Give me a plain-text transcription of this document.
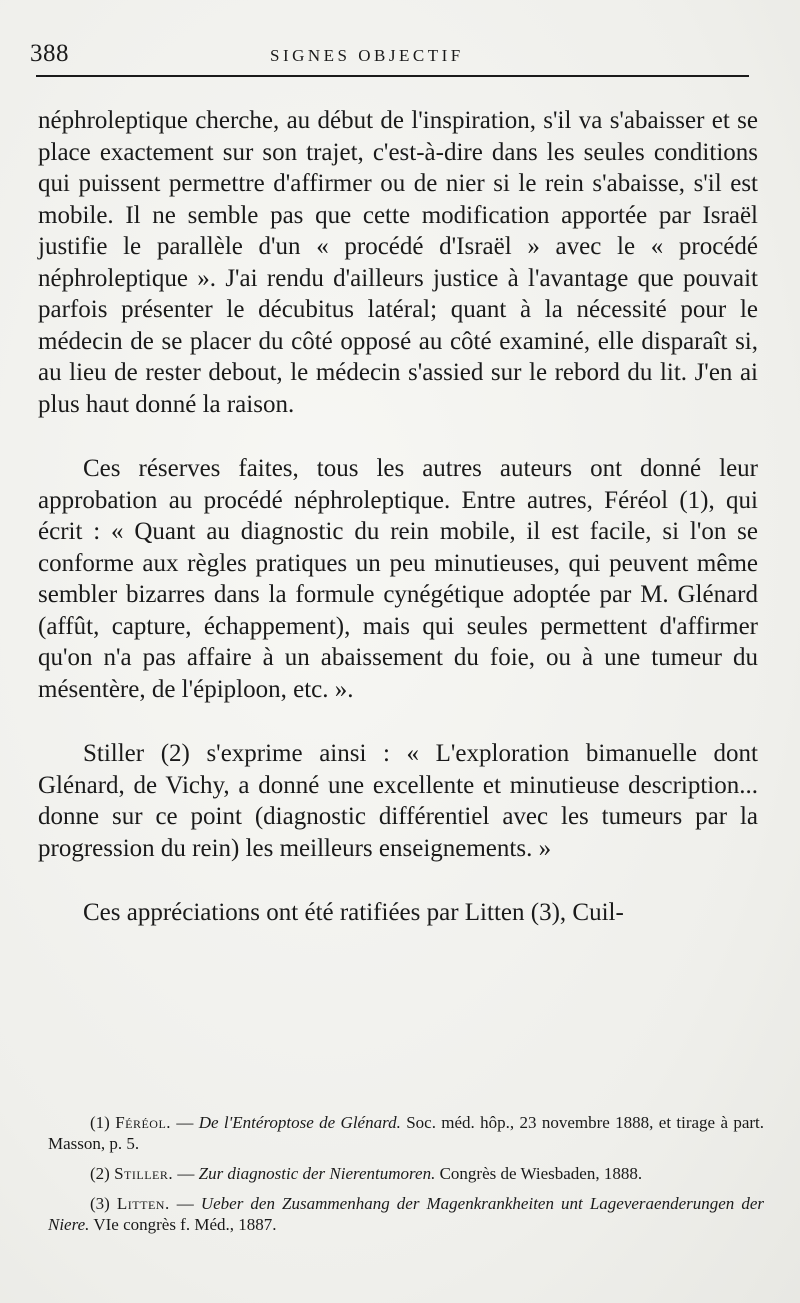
388	SIGNES OBJECTIF

néphroleptique cherche, au début de l'inspiration, s'il va s'abaisser et se place exactement sur son trajet, c'est-à-dire dans les seules conditions qui puissent permettre d'affirmer ou de nier si le rein s'abaisse, s'il est mobile. Il ne semble pas que cette modification apportée par Israël justifie le parallèle d'un « procédé d'Israël » avec le « procédé néphroleptique ». J'ai rendu d'ailleurs justice à l'avantage que pouvait parfois présenter le décubitus latéral; quant à la nécessité pour le médecin de se placer du côté opposé au côté examiné, elle disparaît si, au lieu de rester debout, le médecin s'assied sur le rebord du lit. J'en ai plus haut donné la raison.

Ces réserves faites, tous les autres auteurs ont donné leur approbation au procédé néphroleptique. Entre autres, Féréol (1), qui écrit : « Quant au diagnostic du rein mobile, il est facile, si l'on se conforme aux règles pratiques un peu minutieuses, qui peuvent même sembler bizarres dans la formule cynégétique adoptée par M. Glénard (affût, capture, échappement), mais qui seules permettent d'affirmer qu'on n'a pas affaire à un abaissement du foie, ou à une tumeur du mésentère, de l'épiploon, etc. ».

Stiller (2) s'exprime ainsi : « L'exploration bimanuelle dont Glénard, de Vichy, a donné une excellente et minutieuse description... donne sur ce point (diagnostic différentiel avec les tumeurs par la progression du rein) les meilleurs enseignements. »

Ces appréciations ont été ratifiées par Litten (3), Cuil-

(1) Féréol. — De l'Entéroptose de Glénard. Soc. méd. hôp., 23 novembre 1888, et tirage à part. Masson, p. 5.

(2) Stiller. — Zur diagnostic der Nierentumoren. Congrès de Wiesbaden, 1888.

(3) Litten. — Ueber den Zusammenhang der Magenkrankheiten unt Lageveraenderungen der Niere. VIe congrès f. Méd., 1887.
